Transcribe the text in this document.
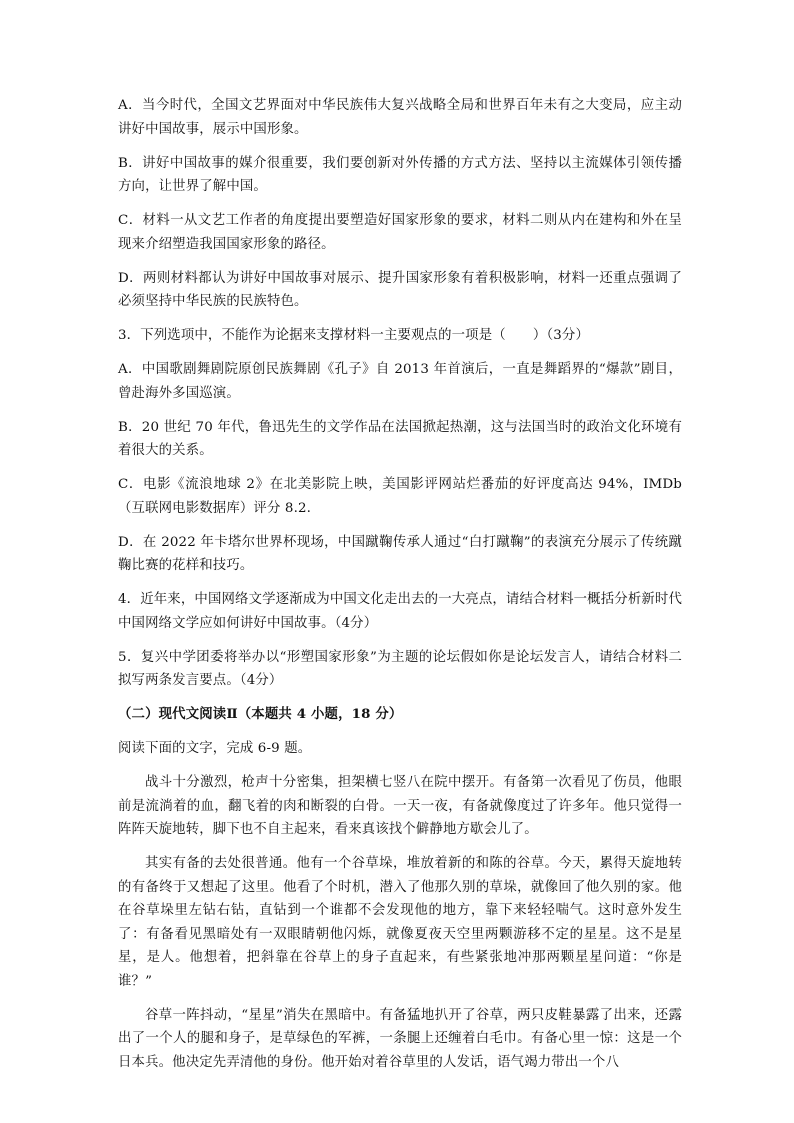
A．当今时代，全国文艺界面对中华民族伟大复兴战略全局和世界百年未有之大变局，应主动讲好中国故事，展示中国形象。

B．讲好中国故事的媒介很重要，我们要创新对外传播的方式方法、坚持以主流媒体引领传播方向，让世界了解中国。

C．材料一从文艺工作者的角度提出要塑造好国家形象的要求，材料二则从内在建构和外在呈现来介绍塑造我国国家形象的路径。

D．两则材料都认为讲好中国故事对展示、提升国家形象有着积极影响，材料一还重点强调了必须坚持中华民族的民族特色。

3．下列选项中，不能作为论据来支撑材料一主要观点的一项是（　　）（3分）

A．中国歌剧舞剧院原创民族舞剧《孔子》自 2013 年首演后，一直是舞蹈界的“爆款”剧目，曾赴海外多国巡演。

B．20 世纪 70 年代，鲁迅先生的文学作品在法国掀起热潮，这与法国当时的政治文化环境有着很大的关系。

C．电影《流浪地球 2》在北美影院上映，美国影评网站烂番茄的好评度高达 94%，IMDb（互联网电影数据库）评分 8.2.

D．在 2022 年卡塔尔世界杯现场，中国蹴鞠传承人通过“白打蹴鞠”的表演充分展示了传统蹴鞠比赛的花样和技巧。

4．近年来，中国网络文学逐渐成为中国文化走出去的一大亮点，请结合材料一概括分析新时代中国网络文学应如何讲好中国故事。（4分）

5．复兴中学团委将举办以“形塑国家形象”为主题的论坛假如你是论坛发言人，请结合材料二拟写两条发言要点。（4分）

（二）现代文阅读Ⅱ（本题共 4 小题，18 分）

阅读下面的文字，完成 6-9 题。

战斗十分激烈，枪声十分密集，担架横七竖八在院中摆开。有备第一次看见了伤员，他眼前是流淌着的血，翻飞着的肉和断裂的白骨。一天一夜，有备就像度过了许多年。他只觉得一阵阵天旋地转，脚下也不自主起来，看来真该找个僻静地方歇会儿了。

其实有备的去处很普通。他有一个谷草垛，堆放着新的和陈的谷草。今天，累得天旋地转的有备终于又想起了这里。他看了个时机，潜入了他那久别的草垛，就像回了他久别的家。他在谷草垛里左钻右钻，直钻到一个谁都不会发现他的地方，靠下来轻轻喘气。这时意外发生了：有备看见黑暗处有一双眼睛朝他闪烁，就像夏夜天空里两颗游移不定的星星。这不是星星，是人。他想着，把斜靠在谷草上的身子直起来，有些紧张地冲那两颗星星问道：“你是谁？”

谷草一阵抖动，“星星”消失在黑暗中。有备猛地扒开了谷草，两只皮鞋暴露了出来，还露出了一个人的腿和身子，是草绿色的军裤，一条腿上还缠着白毛巾。有备心里一惊：这是一个日本兵。他决定先弄清他的身份。他开始对着谷草里的人发话，语气竭力带出一个八
